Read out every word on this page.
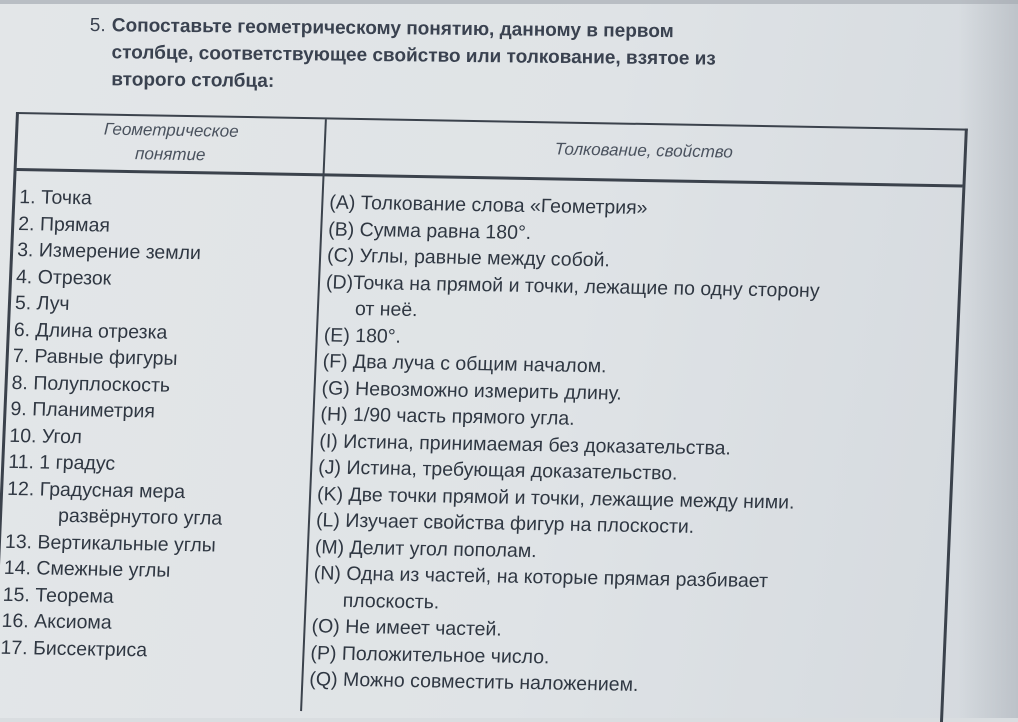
5. Сопоставьте геометрическому понятию, данному в первом
столбце, соответствующее свойство или толкование, взятое из
второго столбца:
Геометрическое
понятие	Толкование, свойство
1. Точка
2. Прямая
3. Измерение земли
4. Отрезок
5. Луч
6. Длина отрезка
7. Равные фигуры
8. Полуплоскость
9. Планиметрия
10. Угол
11. 1 градус
12. Градусная мера
развёрнутого угла
13. Вертикальные углы
14. Смежные углы
15. Теорема
16. Аксиома
17. Биссектриса
(A) Толкование слова «Геометрия»
(B) Сумма равна 180°.
(C) Углы, равные между собой.
(D)Точка на прямой и точки, лежащие по одну сторону
от неё.
(E) 180°.
(F) Два луча с общим началом.
(G) Невозможно измерить длину.
(H) 1/90 часть прямого угла.
(I) Истина, принимаемая без доказательства.
(J) Истина, требующая доказательство.
(K) Две точки прямой и точки, лежащие между ними.
(L) Изучает свойства фигур на плоскости.
(M) Делит угол пополам.
(N) Одна из частей, на которые прямая разбивает
плоскость.
(O) Не имеет частей.
(P) Положительное число.
(Q) Можно совместить наложением.
